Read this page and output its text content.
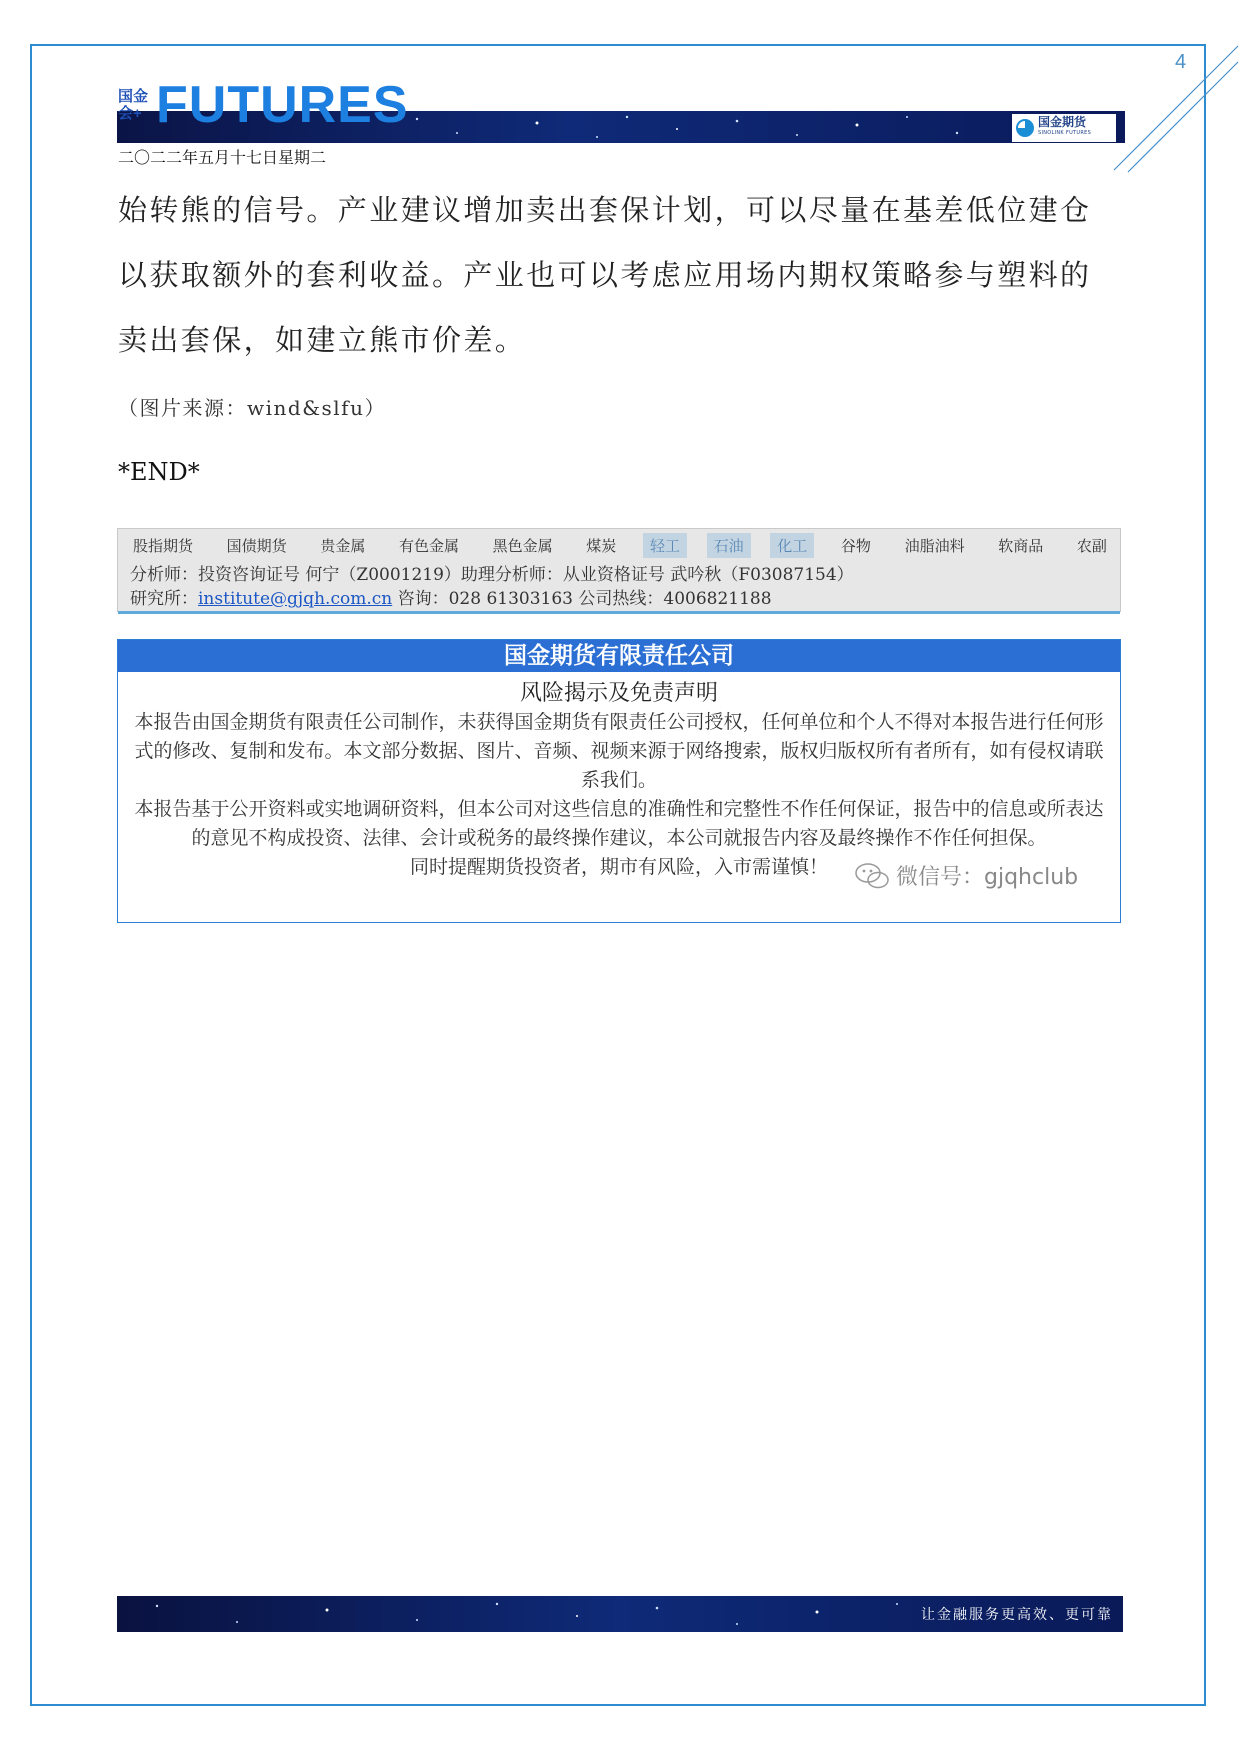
4
国金会+ FUTURES	国金期货
SINOLINK FUTURES
二〇二二年五月十七日星期二

始转熊的信号。产业建议增加卖出套保计划，可以尽量在基差低位建仓以获取额外的套利收益。产业也可以考虑应用场内期权策略参与塑料的卖出套保，如建立熊市价差。

（图片来源：wind&slfu）
*END*
股指期货	国债期货	贵金属	有色金属	黑色金属	煤炭	轻工	石油	化工	谷物	油脂油料	软商品	农副
分析师：投资咨询证号 何宁（Z0001219）助理分析师：从业资格证号 武吟秋（F03087154）
研究所：institute@gjqh.com.cn 咨询：028 61303163 公司热线：4006821188
国金期货有限责任公司
风险揭示及免责声明

本报告由国金期货有限责任公司制作，未获得国金期货有限责任公司授权，任何单位和个人不得对本报告进行任何形式的修改、复制和发布。本文部分数据、图片、音频、视频来源于网络搜索，版权归版权所有者所有，如有侵权请联系我们。

本报告基于公开资料或实地调研资料，但本公司对这些信息的准确性和完整性不作任何保证，报告中的信息或所表达的意见不构成投资、法律、会计或税务的最终操作建议，本公司就报告内容及最终操作不作任何担保。

同时提醒期货投资者，期市有风险，入市需谨慎！	微信号：gjqhclub
让金融服务更高效、更可靠
